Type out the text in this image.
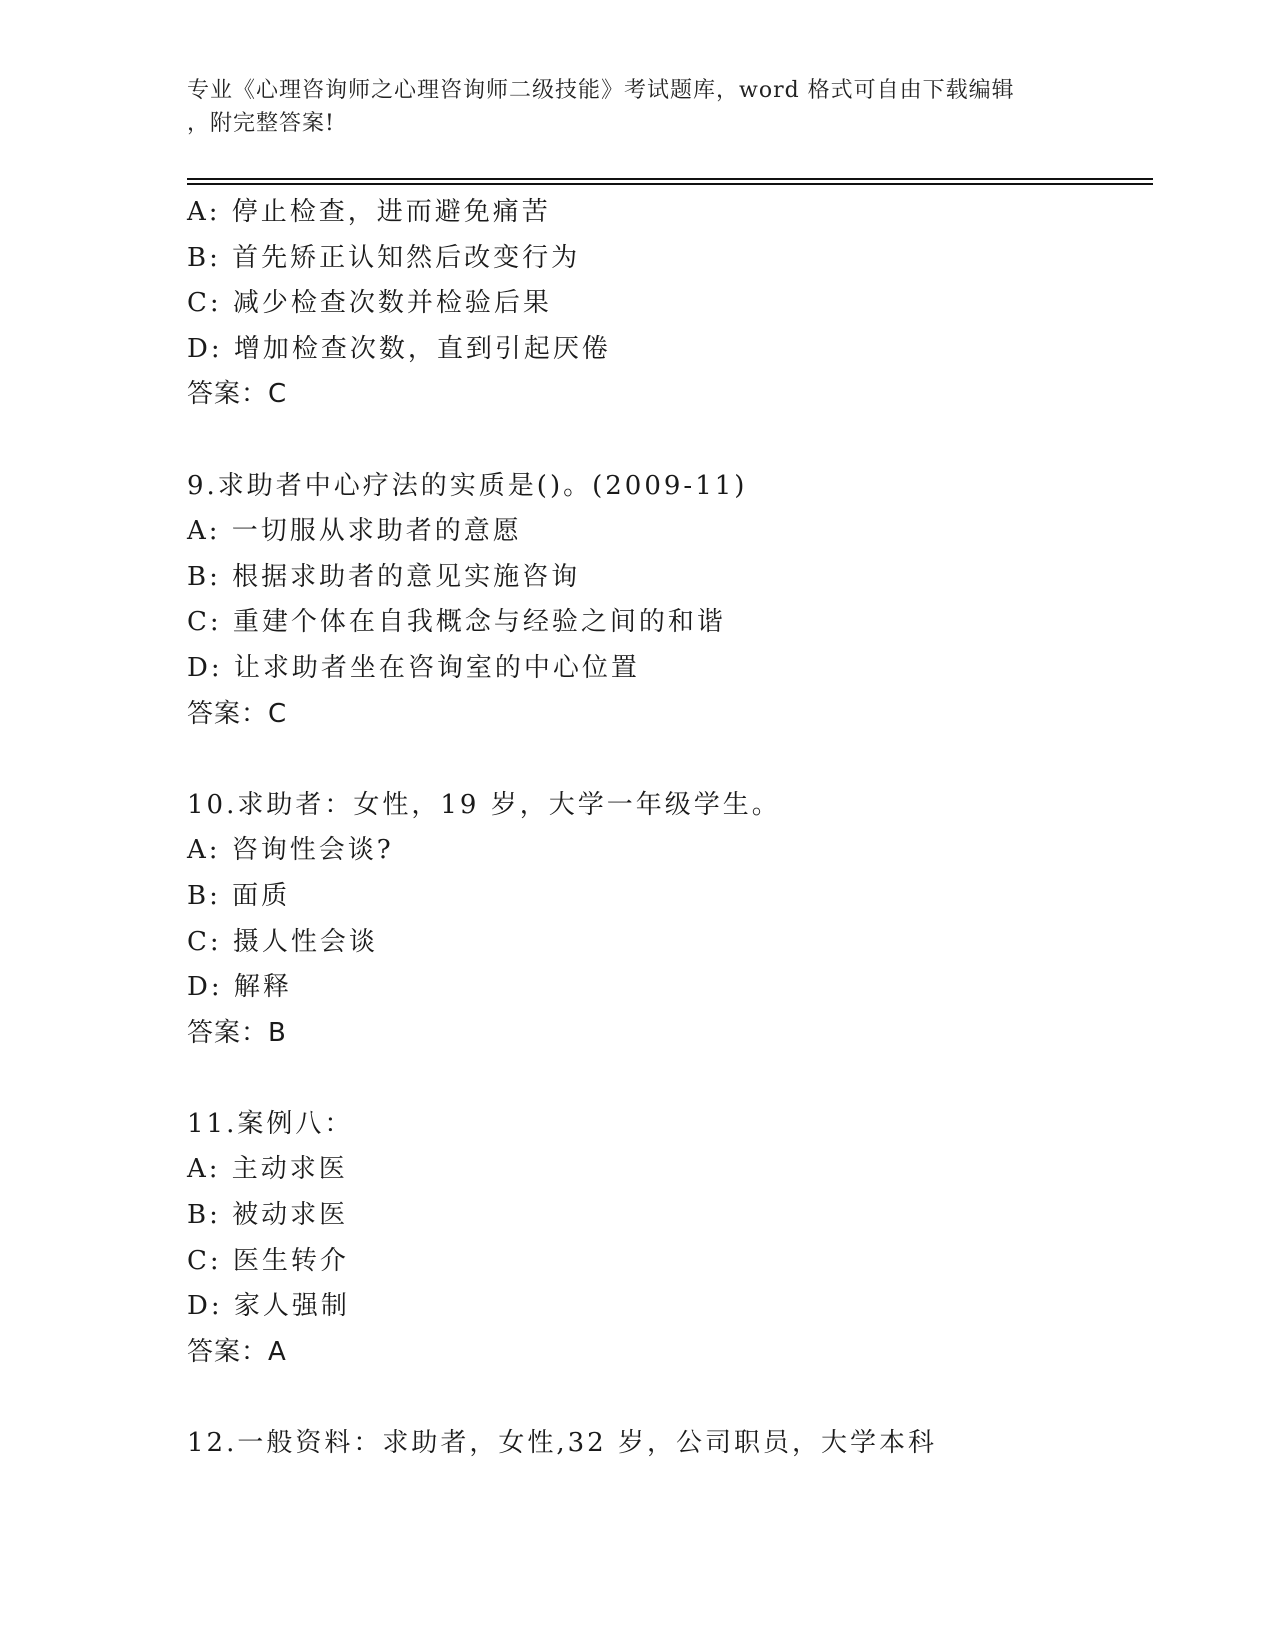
专业《心理咨询师之心理咨询师二级技能》考试题库，word 格式可自由下载编辑
，附完整答案!
A: 停止检查，进而避免痛苦
B: 首先矫正认知然后改变行为
C: 减少检查次数并检验后果
D: 增加检查次数，直到引起厌倦
答案：C
9.求助者中心疗法的实质是()。(2009-11)
A: 一切服从求助者的意愿
B: 根据求助者的意见实施咨询
C: 重建个体在自我概念与经验之间的和谐
D: 让求助者坐在咨询室的中心位置
答案：C
10.求助者：女性，19 岁，大学一年级学生。
A: 咨询性会谈?
B: 面质
C: 摄人性会谈
D: 解释
答案：B
11.案例八：
A: 主动求医
B: 被动求医
C: 医生转介
D: 家人强制
答案：A
12.一般资料：求助者，女性,32 岁，公司职员，大学本科
